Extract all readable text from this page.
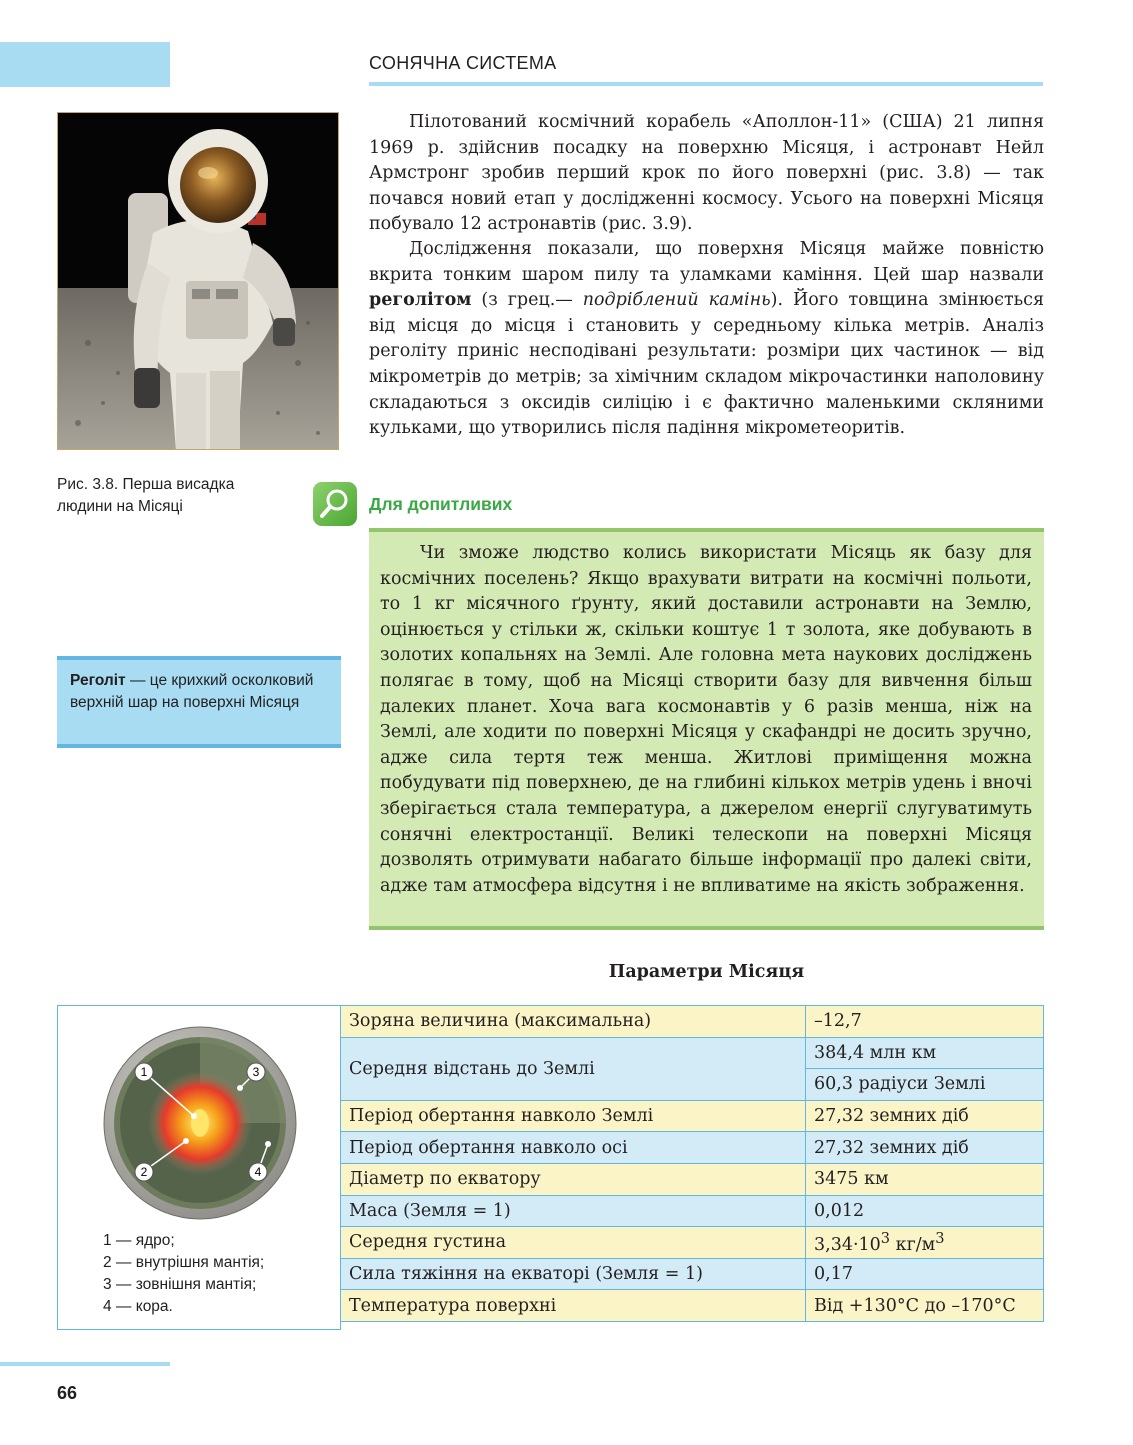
СОНЯЧНА СИСТЕМА
Рис. 3.8. Перша висадка людини на Місяці

Пілотований космічний корабель «Аполлон-11» (США) 21 липня 1969 р. здійснив посадку на поверхню Місяця, і астронавт Нейл Армстронг зробив перший крок по його поверхні (рис. 3.8) — так почався новий етап у дослідженні космосу. Усього на поверхні Місяця побувало 12 астронавтів (рис. 3.9).

Дослідження показали, що поверхня Місяця майже повністю вкрита тонким шаром пилу та уламками каміння. Цей шар назвали реголітом (з грец.— подріблений камінь). Його товщина змінюється від місця до місця і становить у середньому кілька метрів. Аналіз реголіту приніс несподівані результати: розміри цих частинок — від мікрометрів до метрів; за хімічним складом мікрочастинки наполовину складаються з оксидів силіцію і є фактично маленькими скляними кульками, що утворились після падіння мікрометеоритів.

Реголіт — це крихкий осколковий верхній шар на поверхні Місяця
Для допитливих

Чи зможе людство колись використати Місяць як базу для космічних поселень? Якщо врахувати витрати на космічні польоти, то 1 кг місячного ґрунту, який доставили астронавти на Землю, оцінюється у стільки ж, скільки коштує 1 т золота, яке добувають в золотих копальнях на Землі. Але головна мета наукових досліджень полягає в тому, щоб на Місяці створити базу для вивчення більш далеких планет. Хоча вага космонавтів у 6 разів менша, ніж на Землі, але ходити по поверхні Місяця у скафандрі не досить зручно, адже сила тертя теж менша. Житлові приміщення можна побудувати під поверхнею, де на глибині кількох метрів удень і вночі зберігається стала температура, а джерелом енергії слугуватимуть сонячні електростанції. Великі телескопи на поверхні Місяця дозволять отримувати набагато більше інформації про далекі світи, адже там атмосфера відсутня і не впливатиме на якість зображення.

Параметри Місяця
1
2
3
4
1 — ядро;
2 — внутрішня мантія;
3 — зовнішня мантія;
4 — кора.
Зоряна величина (максимальна)	–12,7
Середня відстань до Землі	384,4 млн км
	60,3 радіуси Землі
Період обертання навколо Землі	27,32 земних діб
Період обертання навколо осі	27,32 земних діб
Діаметр по екватору	3475 км
Маса (Земля = 1)	0,012
Середня густина	$3,34\cdot 10^3$ $кг/м^3$
Сила тяжіння на екваторі (Земля = 1)	0,17
Температура поверхні	Від +130°С до –170°С
66
